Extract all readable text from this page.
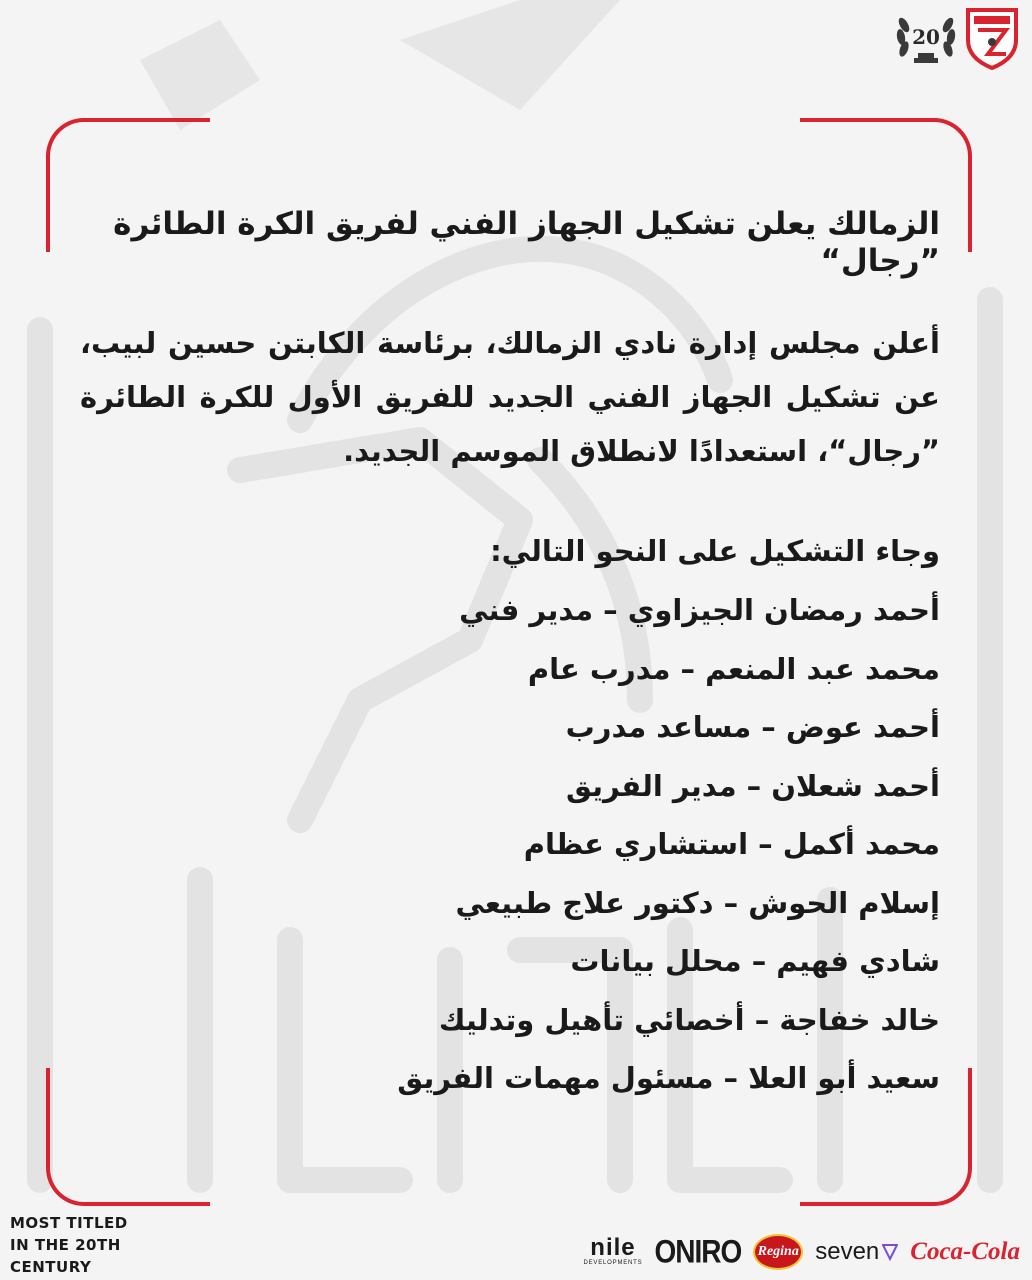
20
الزمالك يعلن تشكيل الجهاز الفني لفريق الكرة الطائرة ”رجال“

أعلن مجلس إدارة نادي الزمالك، برئاسة الكابتن حسين لبيب، عن تشكيل الجهاز الفني الجديد للفريق الأول للكرة الطائرة ”رجال“، استعدادًا لانطلاق الموسم الجديد.

وجاء التشكيل على النحو التالي:

أحمد رمضان الجيزاوي – مدير فني
محمد عبد المنعم – مدرب عام
أحمد عوض – مساعد مدرب
أحمد شعلان – مدير الفريق
محمد أكمل – استشاري عظام
إسلام الحوش – دكتور علاج طبيعي
شادي فهيم – محلل بيانات
خالد خفاجة – أخصائي تأهيل وتدليك
سعيد أبو العلا – مسئول مهمات الفريق
MOST TITLED
IN THE 20TH
CENTURY
nile
DEVELOPMENTS ONIRO	Regina seven Coca-Cola
